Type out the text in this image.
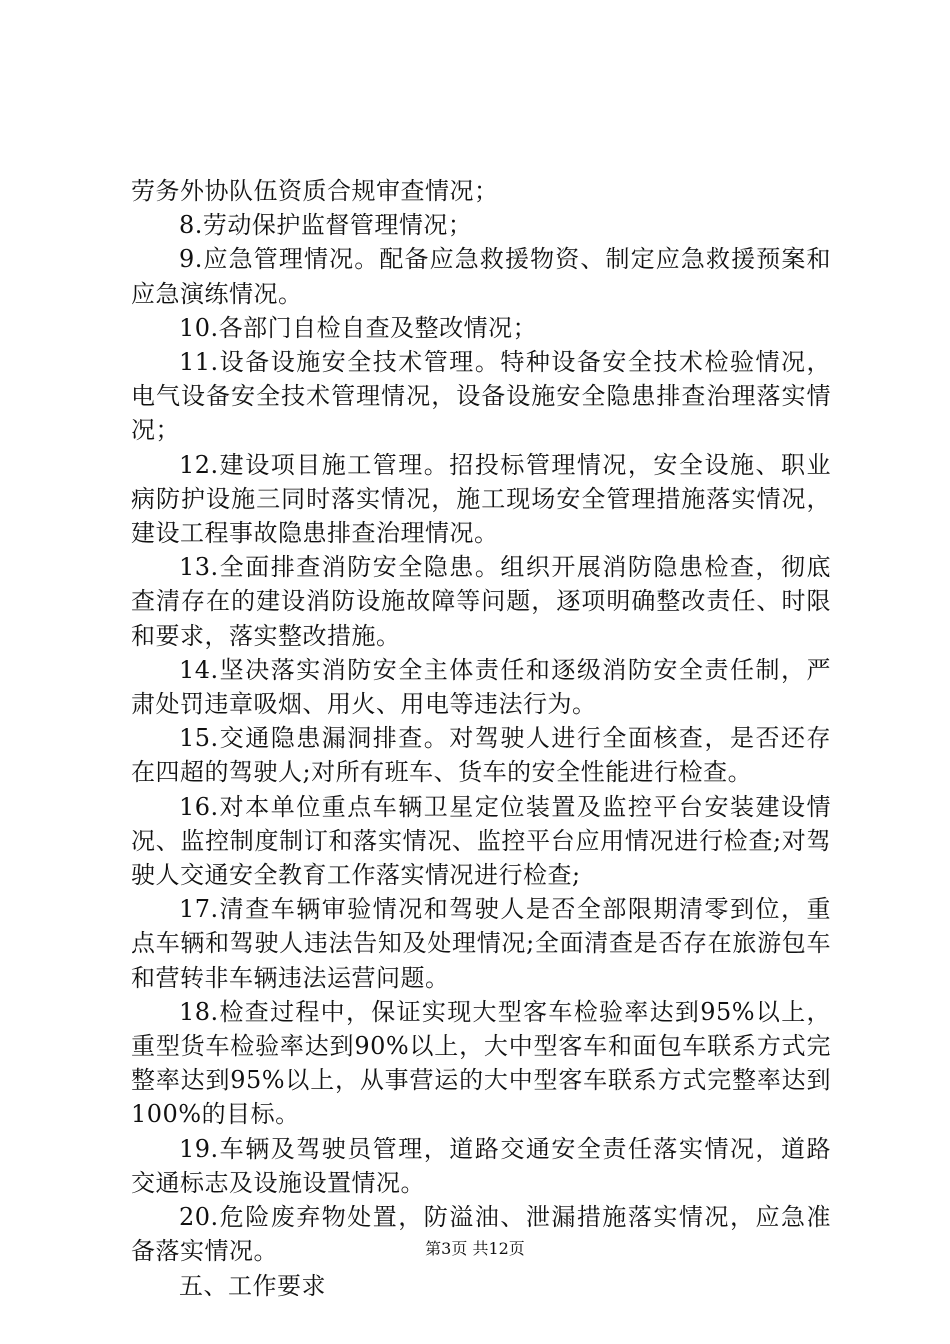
劳务外协队伍资质合规审查情况；

8.劳动保护监督管理情况；

9.应急管理情况。配备应急救援物资、制定应急救援预案和应急演练情况。

10.各部门自检自查及整改情况；

11.设备设施安全技术管理。特种设备安全技术检验情况，电气设备安全技术管理情况，设备设施安全隐患排查治理落实情况；

12.建设项目施工管理。招投标管理情况，安全设施、职业病防护设施三同时落实情况，施工现场安全管理措施落实情况，建设工程事故隐患排查治理情况。

13.全面排查消防安全隐患。组织开展消防隐患检查，彻底查清存在的建设消防设施故障等问题，逐项明确整改责任、时限和要求，落实整改措施。

14.坚决落实消防安全主体责任和逐级消防安全责任制，严肃处罚违章吸烟、用火、用电等违法行为。

15.交通隐患漏洞排查。对驾驶人进行全面核查，是否还存在四超的驾驶人;对所有班车、货车的安全性能进行检查。

16.对本单位重点车辆卫星定位装置及监控平台安装建设情况、监控制度制订和落实情况、监控平台应用情况进行检查;对驾驶人交通安全教育工作落实情况进行检查;

17.清查车辆审验情况和驾驶人是否全部限期清零到位，重点车辆和驾驶人违法告知及处理情况;全面清查是否存在旅游包车和营转非车辆违法运营问题。

18.检查过程中，保证实现大型客车检验率达到95%以上，重型货车检验率达到90%以上，大中型客车和面包车联系方式完整率达到95%以上，从事营运的大中型客车联系方式完整率达到100%的目标。

19.车辆及驾驶员管理，道路交通安全责任落实情况，道路交通标志及设施设置情况。

20.危险废弃物处置，防溢油、泄漏措施落实情况，应急准备落实情况。

五、工作要求

第3页 共12页
